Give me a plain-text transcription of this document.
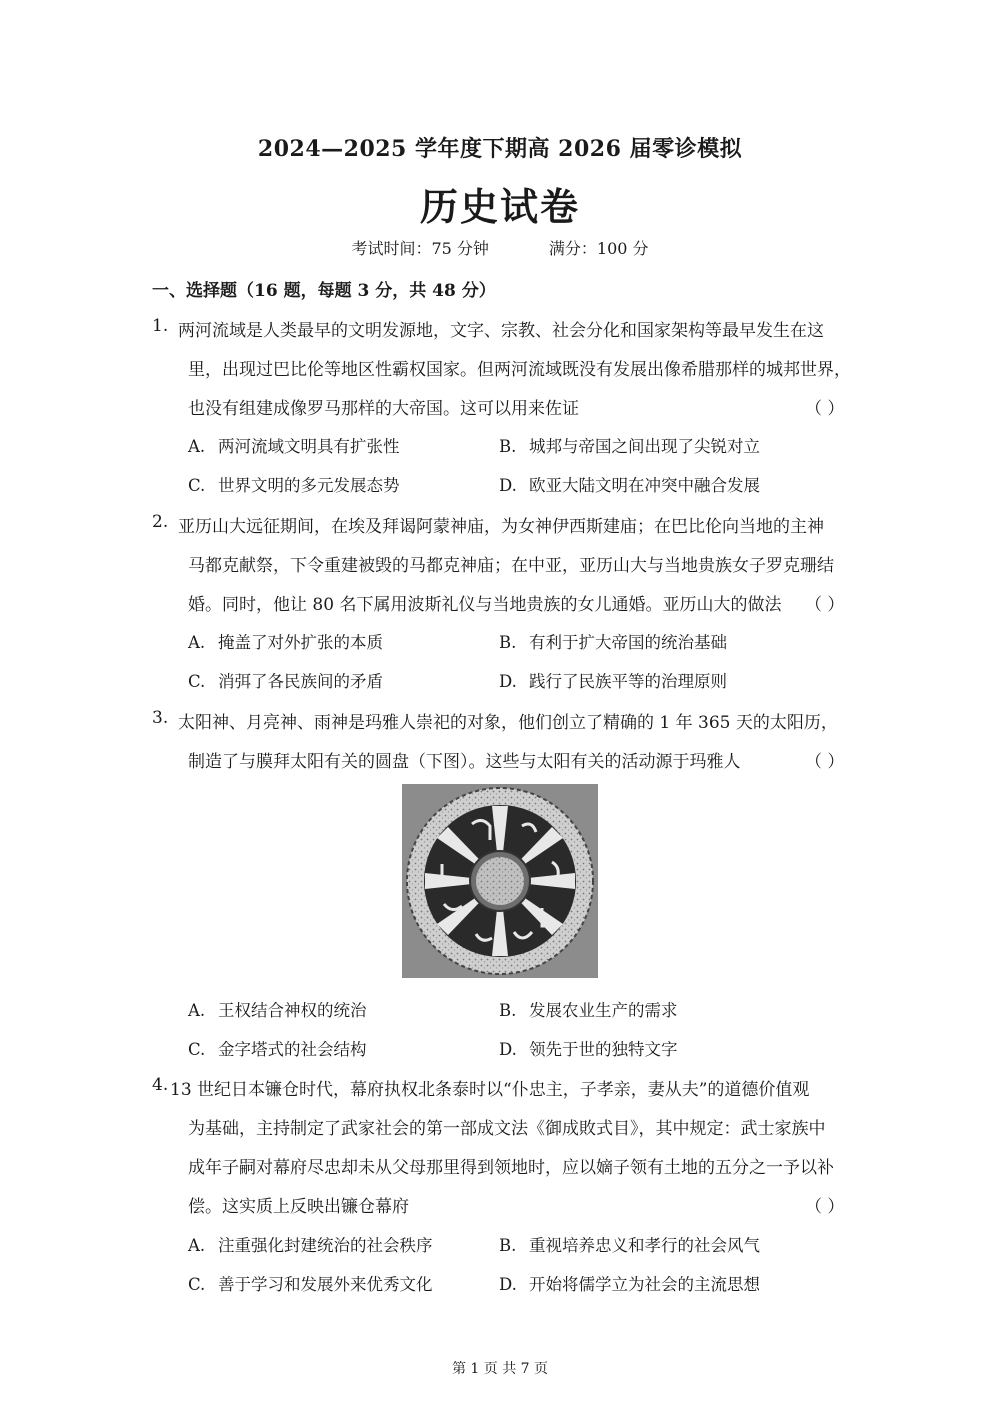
2024—2025 学年度下期高 2026 届零诊模拟
历史试卷
考试时间：75 分钟	满分：100 分
一、选择题（16 题，每题 3 分，共 48 分）
1. 两河流域是人类最早的文明发源地，文字、宗教、社会分化和国家架构等最早发生在这
里，出现过巴比伦等地区性霸权国家。但两河流域既没有发展出像希腊那样的城邦世界，
也没有组建成像罗马那样的大帝国。这可以用来佐证	（ ）
A. 两河流域文明具有扩张性	B. 城邦与帝国之间出现了尖锐对立
C. 世界文明的多元发展态势	D. 欧亚大陆文明在冲突中融合发展
2. 亚历山大远征期间，在埃及拜谒阿蒙神庙，为女神伊西斯建庙；在巴比伦向当地的主神
马都克献祭，下令重建被毁的马都克神庙；在中亚，亚历山大与当地贵族女子罗克珊结
婚。同时，他让 80 名下属用波斯礼仪与当地贵族的女儿通婚。亚历山大的做法 （ ）
A. 掩盖了对外扩张的本质	B. 有利于扩大帝国的统治基础
C. 消弭了各民族间的矛盾	D. 践行了民族平等的治理原则
3. 太阳神、月亮神、雨神是玛雅人崇祀的对象，他们创立了精确的 1 年 365 天的太阳历，
制造了与膜拜太阳有关的圆盘（下图）。这些与太阳有关的活动源于玛雅人	（ ）
A. 王权结合神权的统治	B. 发展农业生产的需求
C. 金字塔式的社会结构	D. 领先于世的独特文字
4. 13 世纪日本镰仓时代，幕府执权北条泰时以“仆忠主，子孝亲，妻从夫”的道德价值观
为基础，主持制定了武家社会的第一部成文法《御成敗式目》，其中规定：武士家族中
成年子嗣对幕府尽忠却未从父母那里得到领地时，应以嫡子领有土地的五分之一予以补
偿。这实质上反映出镰仓幕府	（ ）
A. 注重强化封建统治的社会秩序	B. 重视培养忠义和孝行的社会风气
C. 善于学习和发展外来优秀文化	D. 开始将儒学立为社会的主流思想
第 1 页 共 7 页
